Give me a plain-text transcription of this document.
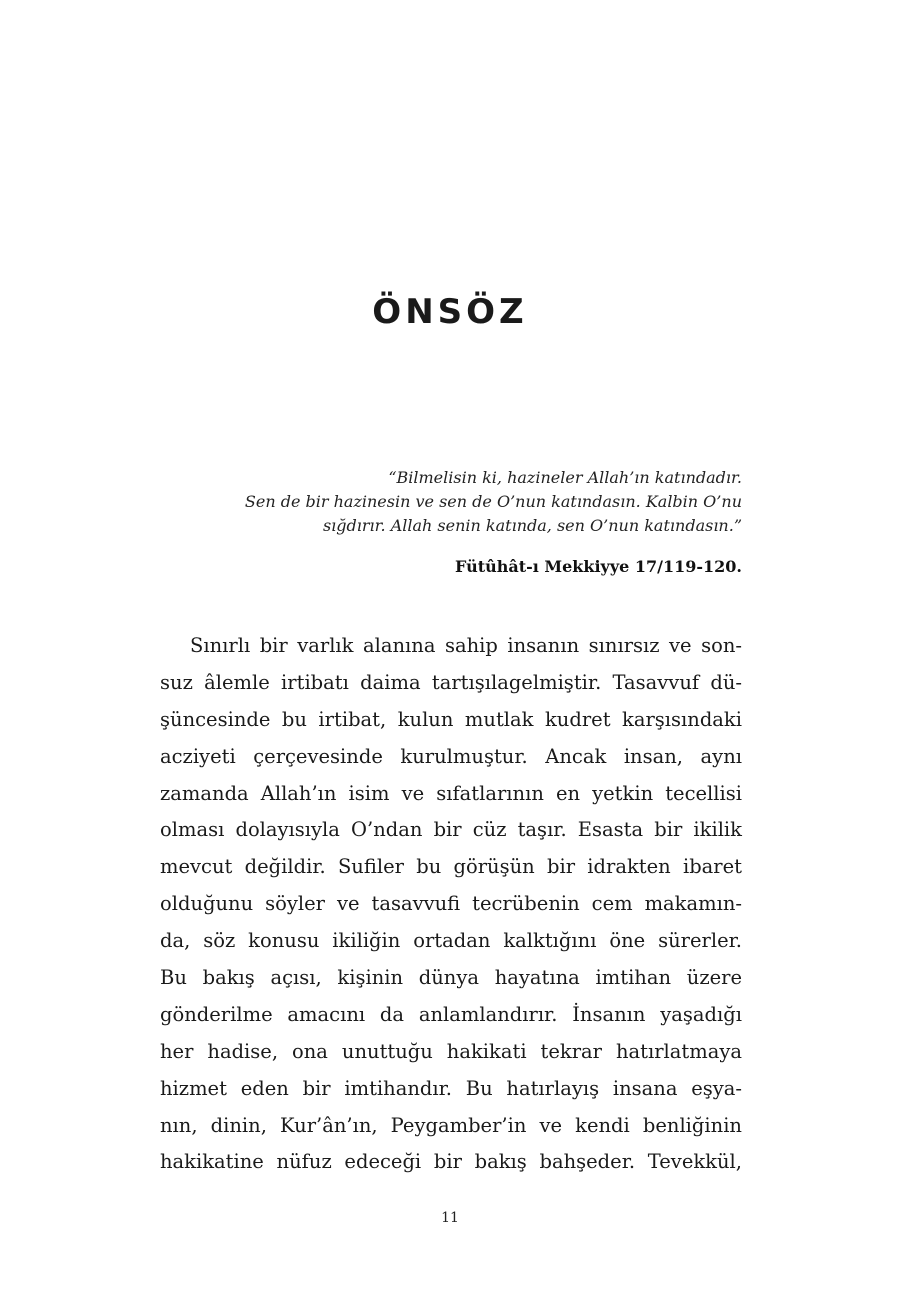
ÖNSÖZ
“Bilmelisin ki, hazineler Allah’ın katındadır.
Sen de bir hazinesin ve sen de O’nun katındasın. Kalbin O’nu
sığdırır. Allah senin katında, sen O’nun katındasın.”
Fütûhât-ı Mekkiyye 17/119-120.
Sınırlı bir varlık alanına sahip insanın sınırsız ve son-
suz âlemle irtibatı daima tartışılagelmiştir. Tasavvuf dü-
şüncesinde bu irtibat, kulun mutlak kudret karşısındaki
acziyeti çerçevesinde kurulmuştur. Ancak insan, aynı
zamanda Allah’ın isim ve sıfatlarının en yetkin tecellisi
olması dolayısıyla O’ndan bir cüz taşır. Esasta bir ikilik
mevcut değildir. Sufiler bu görüşün bir idrakten ibaret
olduğunu söyler ve tasavvufi tecrübenin cem makamın-
da, söz konusu ikiliğin ortadan kalktığını öne sürerler.
Bu bakış açısı, kişinin dünya hayatına imtihan üzere
gönderilme amacını da anlamlandırır. İnsanın yaşadığı
her hadise, ona unuttuğu hakikati tekrar hatırlatmaya
hizmet eden bir imtihandır. Bu hatırlayış insana eşya-
nın, dinin, Kur’ân’ın, Peygamber’in ve kendi benliğinin
hakikatine nüfuz edeceği bir bakış bahşeder. Tevekkül,
11
